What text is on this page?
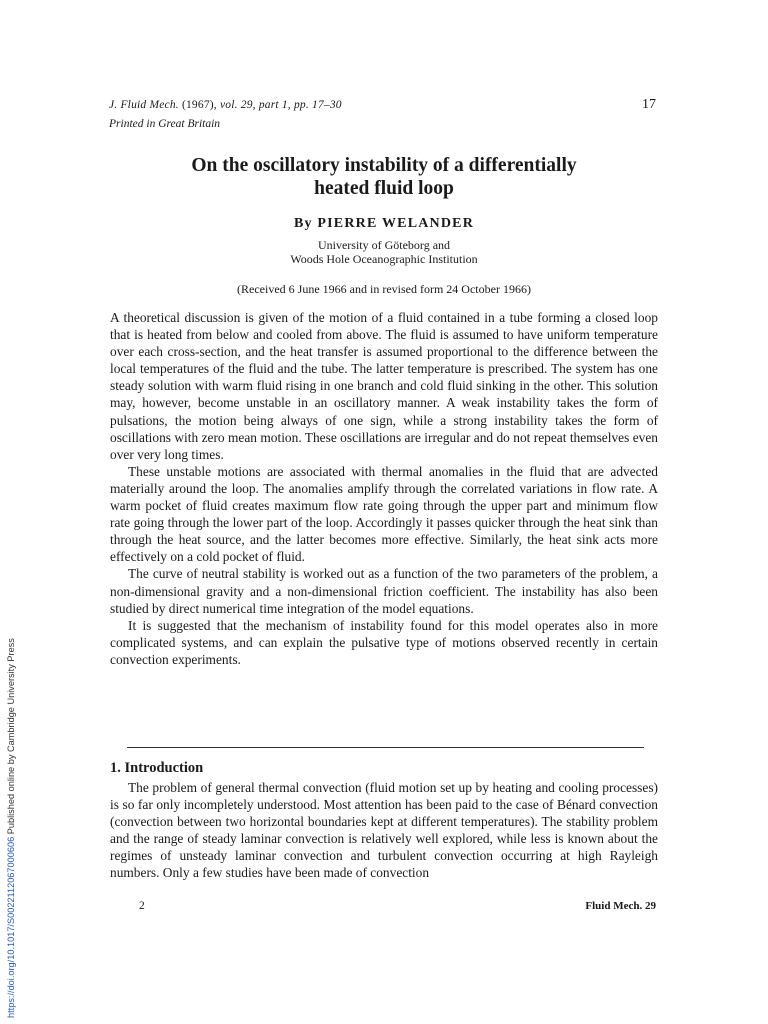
J. Fluid Mech. (1967), vol. 29, part 1, pp. 17–30	17
Printed in Great Britain
On the oscillatory instability of a differentially
heated fluid loop
By PIERRE WELANDER
University of Göteborg and
Woods Hole Oceanographic Institution
(Received 6 June 1966 and in revised form 24 October 1966)

A theoretical discussion is given of the motion of a fluid contained in a tube forming a closed loop that is heated from below and cooled from above. The fluid is assumed to have uniform temperature over each cross-section, and the heat transfer is assumed proportional to the difference between the local temperatures of the fluid and the tube. The latter temperature is prescribed. The system has one steady solution with warm fluid rising in one branch and cold fluid sinking in the other. This solution may, however, become unstable in an oscillatory manner. A weak instability takes the form of pulsations, the motion being always of one sign, while a strong instability takes the form of oscillations with zero mean motion. These oscillations are irregular and do not repeat themselves even over very long times.

These unstable motions are associated with thermal anomalies in the fluid that are advected materially around the loop. The anomalies amplify through the correlated variations in flow rate. A warm pocket of fluid creates maximum flow rate going through the upper part and minimum flow rate going through the lower part of the loop. Accordingly it passes quicker through the heat sink than through the heat source, and the latter becomes more effective. Similarly, the heat sink acts more effectively on a cold pocket of fluid.

The curve of neutral stability is worked out as a function of the two parameters of the problem, a non-dimensional gravity and a non-dimensional friction coefficient. The instability has also been studied by direct numerical time integration of the model equations.

It is suggested that the mechanism of instability found for this model operates also in more complicated systems, and can explain the pulsative type of motions observed recently in certain convection experiments.

1. Introduction

The problem of general thermal convection (fluid motion set up by heating and cooling processes) is so far only incompletely understood. Most attention has been paid to the case of Bénard convection (convection between two horizontal boundaries kept at different temperatures). The stability problem and the range of steady laminar convection is relatively well explored, while less is known about the regimes of unsteady laminar convection and turbulent convection occurring at high Rayleigh numbers. Only a few studies have been made of convection

2	Fluid Mech. 29
https://doi.org/10.1017/S0022112067000606 Published online by Cambridge University Press
